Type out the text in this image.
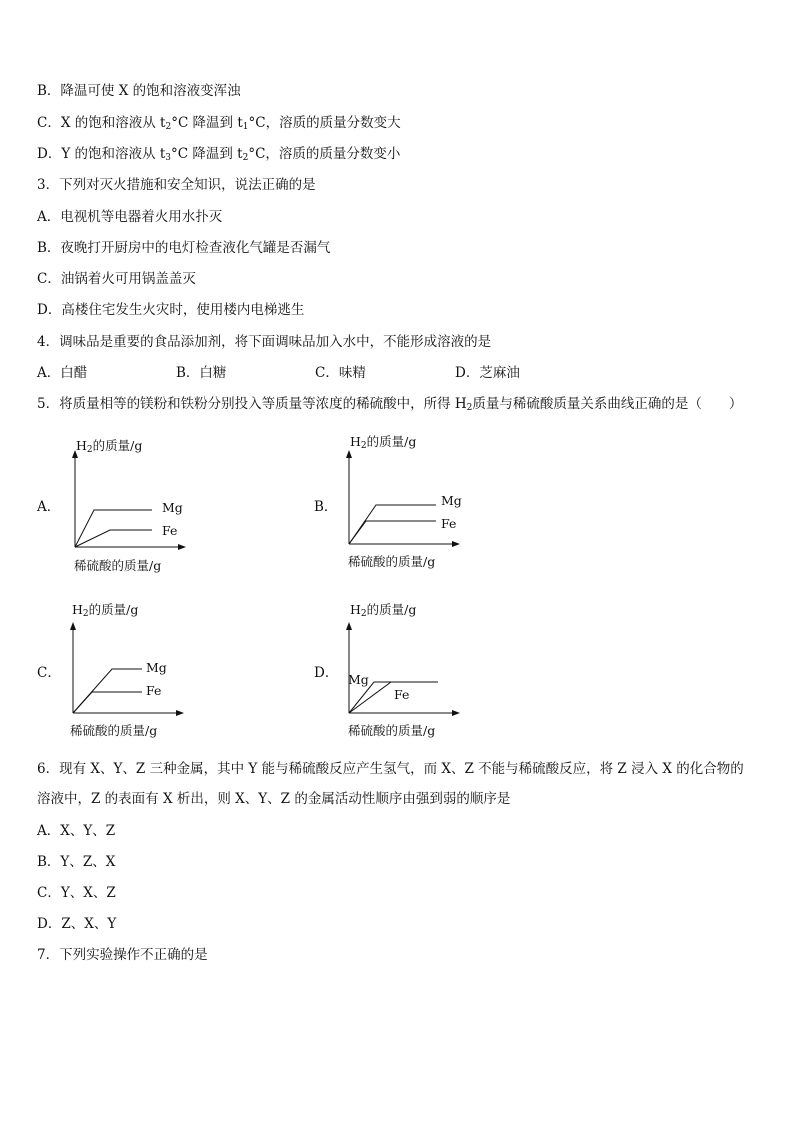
B．降温可使 X 的饱和溶液变浑浊
C．X 的饱和溶液从 $t_2^\circ C$ 降温到 $t_1^\circ C$，溶质的质量分数变大
D．Y 的饱和溶液从 $t_3^\circ C$ 降温到 $t_2^\circ C$，溶质的质量分数变小
3．下列对灭火措施和安全知识，说法正确的是
A．电视机等电器着火用水扑灭
B．夜晚打开厨房中的电灯检查液化气罐是否漏气
C．油锅着火可用锅盖盖灭
D．高楼住宅发生火灾时，使用楼内电梯逃生
4．调味品是重要的食品添加剂，将下面调味品加入水中，不能形成溶液的是
A．白醋	B．白糖	C．味精	D．芝麻油
5．将质量相等的镁粉和铁粉分别投入等质量等浓度的稀硫酸中，所得 $H_2$质量与稀硫酸质量关系曲线正确的是（　　）
A．
$H_2$的质量/g
Mg
Fe
稀硫酸的质量/g
B．
$H_2$的质量/g
Mg
Fe
稀硫酸的质量/g
C．
$H_2$的质量/g
Mg
Fe
稀硫酸的质量/g
D．
$H_2$的质量/g
Mg
Fe
稀硫酸的质量/g
6．现有 X、Y、Z 三种金属，其中 Y 能与稀硫酸反应产生氢气，而 X、Z 不能与稀硫酸反应，将 Z 浸入 X 的化合物的
溶液中，Z 的表面有 X 析出，则 X、Y、Z 的金属活动性顺序由强到弱的顺序是
A．X、Y、Z
B．Y、Z、X
C．Y、X、Z
D．Z、X、Y
7．下列实验操作不正确的是
